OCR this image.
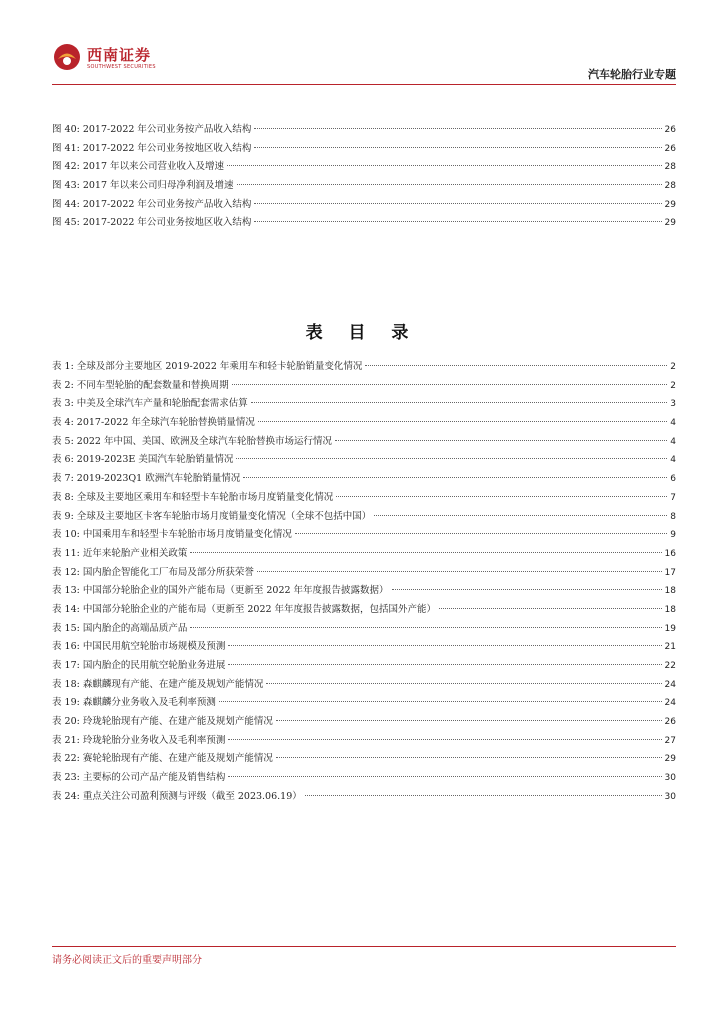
西南证券
SOUTHWEST SECURITIES
汽车轮胎行业专题
图 40: 2017-2022 年公司业务按产品收入结构	26
图 41: 2017-2022 年公司业务按地区收入结构	26
图 42: 2017 年以来公司营业收入及增速	28
图 43: 2017 年以来公司归母净利润及增速	28
图 44: 2017-2022 年公司业务按产品收入结构	29
图 45: 2017-2022 年公司业务按地区收入结构	29
表 目 录
表 1: 全球及部分主要地区 2019-2022 年乘用车和轻卡轮胎销量变化情况	2
表 2: 不同车型轮胎的配套数量和替换周期	2
表 3: 中美及全球汽车产量和轮胎配套需求估算	3
表 4: 2017-2022 年全球汽车轮胎替换销量情况	4
表 5: 2022 年中国、美国、欧洲及全球汽车轮胎替换市场运行情况	4
表 6: 2019-2023E 美国汽车轮胎销量情况	4
表 7: 2019-2023Q1 欧洲汽车轮胎销量情况	6
表 8: 全球及主要地区乘用车和轻型卡车轮胎市场月度销量变化情况	7
表 9: 全球及主要地区卡客车轮胎市场月度销量变化情况（全球不包括中国）	8
表 10: 中国乘用车和轻型卡车轮胎市场月度销量变化情况	9
表 11: 近年来轮胎产业相关政策	16
表 12: 国内胎企智能化工厂布局及部分所获荣誉	17
表 13: 中国部分轮胎企业的国外产能布局（更新至 2022 年年度报告披露数据）	18
表 14: 中国部分轮胎企业的产能布局（更新至 2022 年年度报告披露数据，包括国外产能）	18
表 15: 国内胎企的高端品质产品	19
表 16: 中国民用航空轮胎市场规模及预测	21
表 17: 国内胎企的民用航空轮胎业务进展	22
表 18: 森麒麟现有产能、在建产能及规划产能情况	24
表 19: 森麒麟分业务收入及毛利率预测	24
表 20: 玲珑轮胎现有产能、在建产能及规划产能情况	26
表 21: 玲珑轮胎分业务收入及毛利率预测	27
表 22: 赛轮轮胎现有产能、在建产能及规划产能情况	29
表 23: 主要标的公司产品产能及销售结构	30
表 24: 重点关注公司盈利预测与评级（截至 2023.06.19）	30
请务必阅读正文后的重要声明部分
